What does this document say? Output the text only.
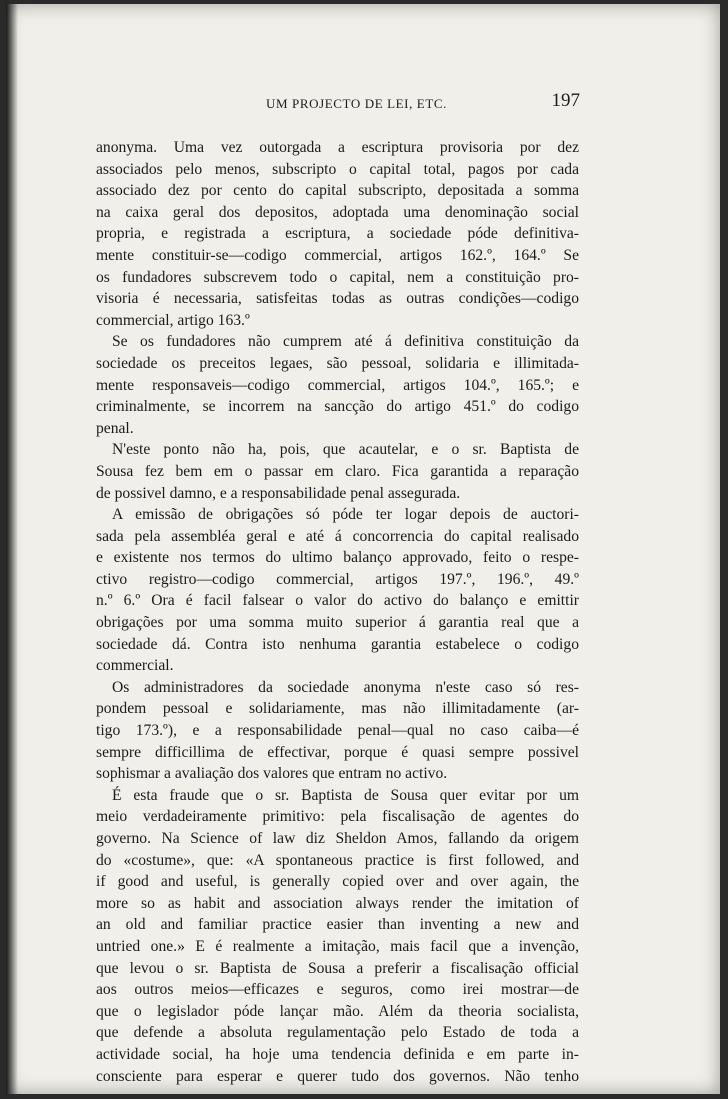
UM PROJECTO DE LEI, ETC.	197
anonyma. Uma vez outorgada a escriptura provisoria por dez
associados pelo menos, subscripto o capital total, pagos por cada
associado dez por cento do capital subscripto, depositada a somma
na caixa geral dos depositos, adoptada uma denominação social
propria, e registrada a escriptura, a sociedade póde definitiva-
mente constituir-se—codigo commercial, artigos 162.º, 164.º Se
os fundadores subscrevem todo o capital, nem a constituição pro-
visoria é necessaria, satisfeitas todas as outras condições—codigo
commercial, artigo 163.º
Se os fundadores não cumprem até á definitiva constituição da
sociedade os preceitos legaes, são pessoal, solidaria e illimitada-
mente responsaveis—codigo commercial, artigos 104.º, 165.º; e
criminalmente, se incorrem na sancção do artigo 451.º do codigo
penal.
N'este ponto não ha, pois, que acautelar, e o sr. Baptista de
Sousa fez bem em o passar em claro. Fica garantida a reparação
de possivel damno, e a responsabilidade penal assegurada.
A emissão de obrigações só póde ter logar depois de auctori-
sada pela assembléa geral e até á concorrencia do capital realisado
e existente nos termos do ultimo balanço approvado, feito o respe-
ctivo registro—codigo commercial, artigos 197.º, 196.º, 49.º
n.º 6.º Ora é facil falsear o valor do activo do balanço e emittir
obrigações por uma somma muito superior á garantia real que a
sociedade dá. Contra isto nenhuma garantia estabelece o codigo
commercial.
Os administradores da sociedade anonyma n'este caso só res-
pondem pessoal e solidariamente, mas não illimitadamente (ar-
tigo 173.º), e a responsabilidade penal—qual no caso caiba—é
sempre difficillima de effectivar, porque é quasi sempre possivel
sophismar a avaliação dos valores que entram no activo.
É esta fraude que o sr. Baptista de Sousa quer evitar por um
meio verdadeiramente primitivo: pela fiscalisação de agentes do
governo. Na Science of law diz Sheldon Amos, fallando da origem
do «costume», que: «A spontaneous practice is first followed, and
if good and useful, is generally copied over and over again, the
more so as habit and association always render the imitation of
an old and familiar practice easier than inventing a new and
untried one.» E é realmente a imitação, mais facil que a invenção,
que levou o sr. Baptista de Sousa a preferir a fiscalisação official
aos outros meios—efficazes e seguros, como irei mostrar—de
que o legislador póde lançar mão. Além da theoria socialista,
que defende a absoluta regulamentação pelo Estado de toda a
actividade social, ha hoje uma tendencia definida e em parte in-
consciente para esperar e querer tudo dos governos. Não tenho
